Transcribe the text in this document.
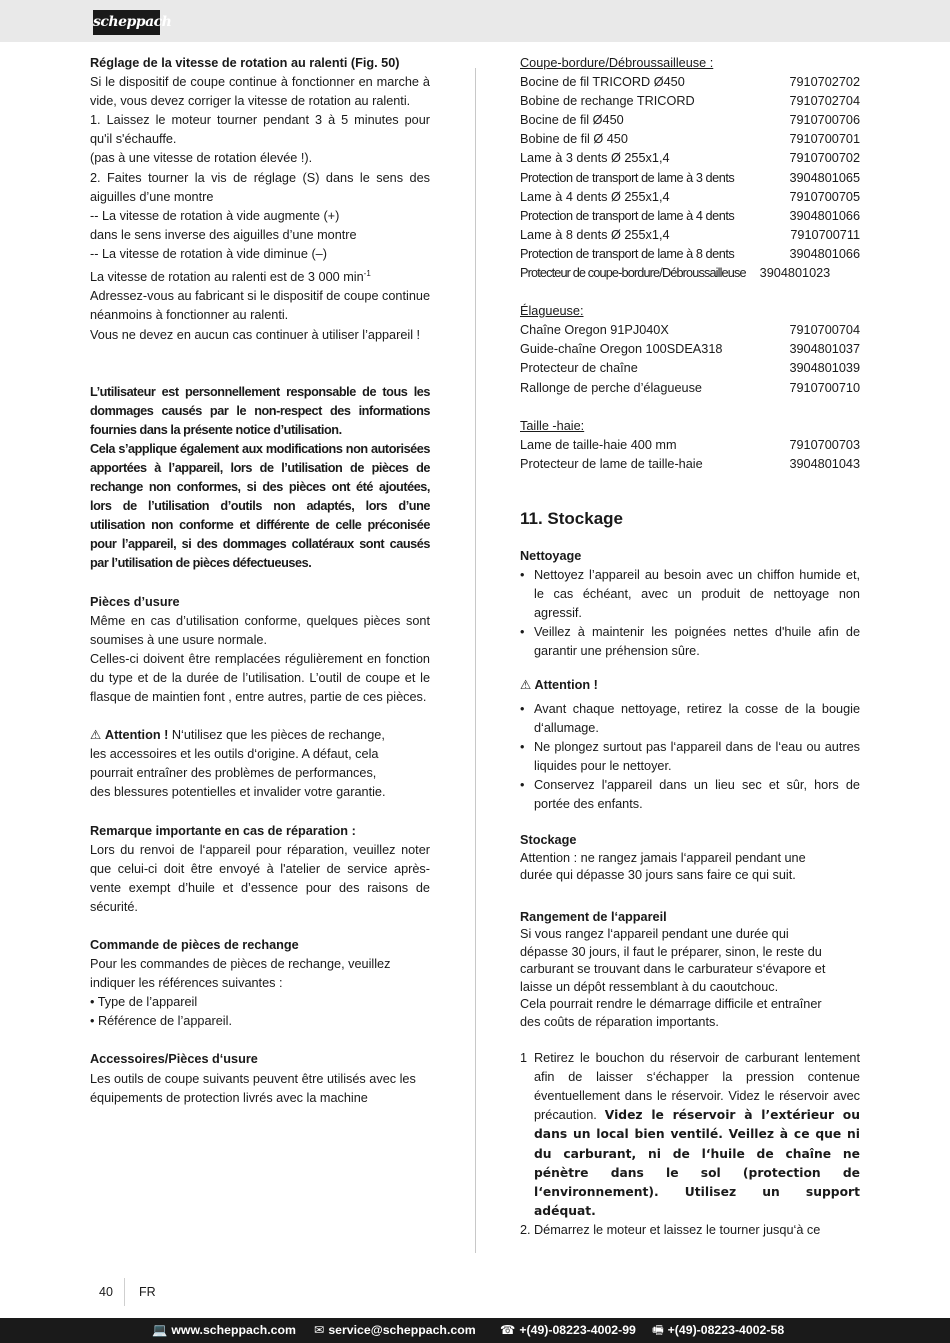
scheppach

Réglage de la vitesse de rotation au ralenti (Fig. 50)

Si le dispositif de coupe continue à fonctionner en marche à vide, vous devez corriger la vitesse de rotation au ralenti.

1. Laissez le moteur tourner pendant 3 à 5 minutes pour qu'il s'échauffe.

(pas à une vitesse de rotation élevée !).

2. Faites tourner la vis de réglage (S) dans le sens des aiguilles d’une montre

-- La vitesse de rotation à vide augmente (+)

dans le sens inverse des aiguilles d’une montre

-- La vitesse de rotation à vide diminue (–)

La vitesse de rotation au ralenti est de 3 000 $\min^{-1}$

Adressez-vous au fabricant si le dispositif de coupe continue néanmoins à fonctionner au ralenti.

Vous ne devez en aucun cas continuer à utiliser l’appareil !

L’utilisateur est personnellement responsable de tous les dommages causés par le non-respect des informations fournies dans la présente notice d’utilisation.

Cela s’applique également aux modifications non autorisées apportées à l’appareil, lors de l’utilisation de pièces de rechange non conformes, si des pièces ont été ajoutées, lors de l’utilisation d’outils non adaptés, lors d’une utilisation non conforme et différente de celle préconisée pour l’appareil, si des dommages collatéraux sont causés par l’utilisation de pièces défectueuses.

Pièces d’usure

Même en cas d’utilisation conforme, quelques pièces sont soumises à une usure normale.

Celles-ci doivent être remplacées régulièrement en fonction du type et de la durée de l’utilisation. L’outil de coupe et le flasque de maintien font , entre autres, partie de ces pièces.

⚠ Attention ! N‘utilisez que les pièces de rechange,

les accessoires et les outils d‘origine. A défaut, cela

pourrait entraîner des problèmes de performances,

des blessures potentielles et invalider votre garantie.

Remarque importante en cas de réparation :

Lors du renvoi de l‘appareil pour réparation, veuillez noter que celui-ci doit être envoyé à l'atelier de service après-vente exempt d’huile et d’essence pour des raisons de sécurité.

Commande de pièces de rechange

Pour les commandes de pièces de rechange, veuillez indiquer les références suivantes :

• Type de l’appareil

• Référence de l’appareil.

Accessoires/Pièces d‘usure

Les outils de coupe suivants peuvent être utilisés avec les équipements de protection livrés avec la machine

Coupe-bordure/Débroussailleuse :

Bocine de fil TRICORD Ø450	7910702702
Bobine de rechange TRICORD	7910702704
Bocine de fil Ø450	7910700706
Bobine de fil Ø 450	7910700701
Lame à 3 dents Ø 255x1,4	7910700702
Protection de transport de lame à 3 dents	3904801065
Lame à 4 dents Ø 255x1,4	7910700705
Protection de transport de lame à 4 dents	3904801066
Lame à 8 dents Ø 255x1,4	7910700711
Protection de transport de lame à 8 dents	3904801066
Protecteur de coupe-bordure/Débroussailleuse 3904801023

Élagueuse:

Chaîne Oregon 91PJ040X	7910700704
Guide-chaîne Oregon 100SDEA318	3904801037
Protecteur de chaîne	3904801039
Rallonge de perche d’élagueuse	7910700710

Taille -haie:

Lame de taille-haie 400 mm	7910700703
Protecteur de lame de taille-haie	3904801043

11. Stockage

Nettoyage

• Nettoyez l’appareil au besoin avec un chiffon humide et, le cas échéant, avec un produit de nettoyage non agressif.
• Veillez à maintenir les poignées nettes d'huile afin de garantir une préhension sûre.

⚠ Attention !

• Avant chaque nettoyage, retirez la cosse de la bougie d‘allumage.
• Ne plongez surtout pas l‘appareil dans de l‘eau ou autres liquides pour le nettoyer.
• Conservez l'appareil dans un lieu sec et sûr, hors de portée des enfants.

Stockage

Attention : ne rangez jamais l‘appareil pendant une

durée qui dépasse 30 jours sans faire ce qui suit.

Rangement de l‘appareil

Si vous rangez l‘appareil pendant une durée qui

dépasse 30 jours, il faut le préparer, sinon, le reste du

carburant se trouvant dans le carburateur s‘évapore et

laisse un dépôt ressemblant à du caoutchouc.

Cela pourrait rendre le démarrage difficile et entraîner

des coûts de réparation importants.

1 Retirez le bouchon du réservoir de carburant lentement afin de laisser s‘échapper la pression contenue éventuellement dans le réservoir. Videz le réservoir avec précaution. Videz le réservoir à l’extérieur ou dans un local bien ventilé. Veillez à ce que ni du carburant, ni de l‘huile de chaîne ne pénètre dans le sol (protection de l‘environnement). Utilisez un support adéquat.
2. Démarrez le moteur et laissez le tourner jusqu‘à ce
40 FR
💻 www.scheppach.com ✉ service@scheppach.com ☎ +(49)-08223-4002-99 🖷 +(49)-08223-4002-58
